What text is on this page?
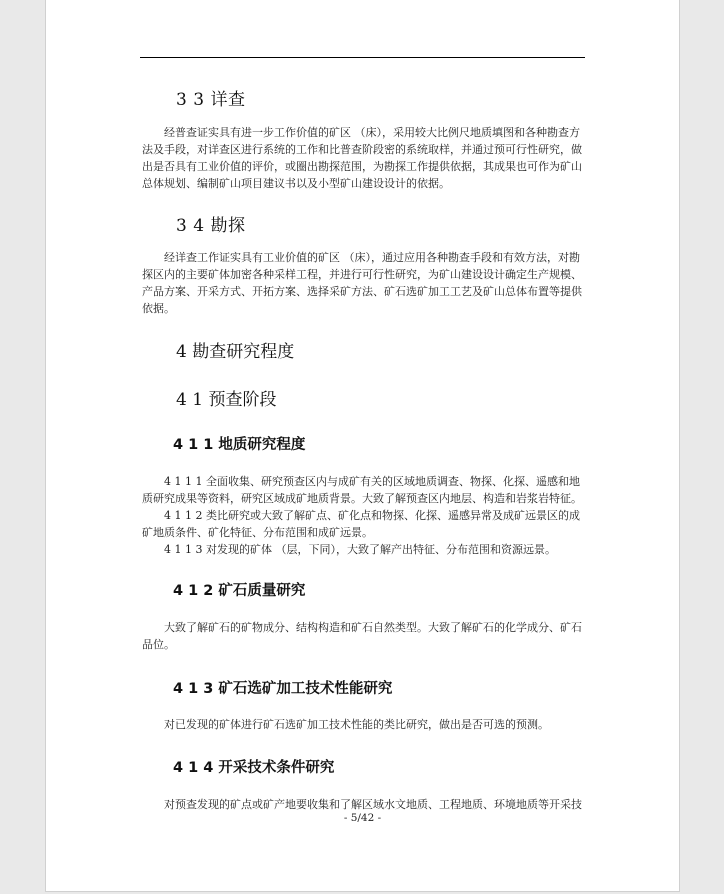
3 3 详查
经普查证实具有进一步工作价值的矿区 （床），采用较大比例尺地质填图和各种勘查方
法及手段，对详查区进行系统的工作和比普查阶段密的系统取样，并通过预可行性研究，做
出是否具有工业价值的评价，或圈出勘探范围，为勘探工作提供依据，其成果也可作为矿山
总体规划、编制矿山项目建议书以及小型矿山建设设计的依据。
3 4 勘探
经详查工作证实具有工业价值的矿区 （床），通过应用各种勘查手段和有效方法，对勘
探区内的主要矿体加密各种采样工程，并进行可行性研究，为矿山建设设计确定生产规模、
产品方案、开采方式、开拓方案、选择采矿方法、矿石选矿加工工艺及矿山总体布置等提供
依据。
4 勘查研究程度
4 1 预查阶段
4 1 1 地质研究程度
4 1 1 1 全面收集、研究预查区内与成矿有关的区域地质调查、物探、化探、遥感和地
质研究成果等资料，研究区域成矿地质背景。大致了解预查区内地层、构造和岩浆岩特征。
4 1 1 2 类比研究或大致了解矿点、矿化点和物探、化探、遥感异常及成矿远景区的成
矿地质条件、矿化特征、分布范围和成矿远景。
4 1 1 3 对发现的矿体 （层，下同），大致了解产出特征、分布范围和资源远景。
4 1 2 矿石质量研究
大致了解矿石的矿物成分、结构构造和矿石自然类型。大致了解矿石的化学成分、矿石
品位。
4 1 3 矿石选矿加工技术性能研究
对已发现的矿体进行矿石选矿加工技术性能的类比研究，做出是否可选的预测。
4 1 4 开采技术条件研究
对预查发现的矿点或矿产地要收集和了解区域水文地质、工程地质、环境地质等开采技
- 5/42 -
